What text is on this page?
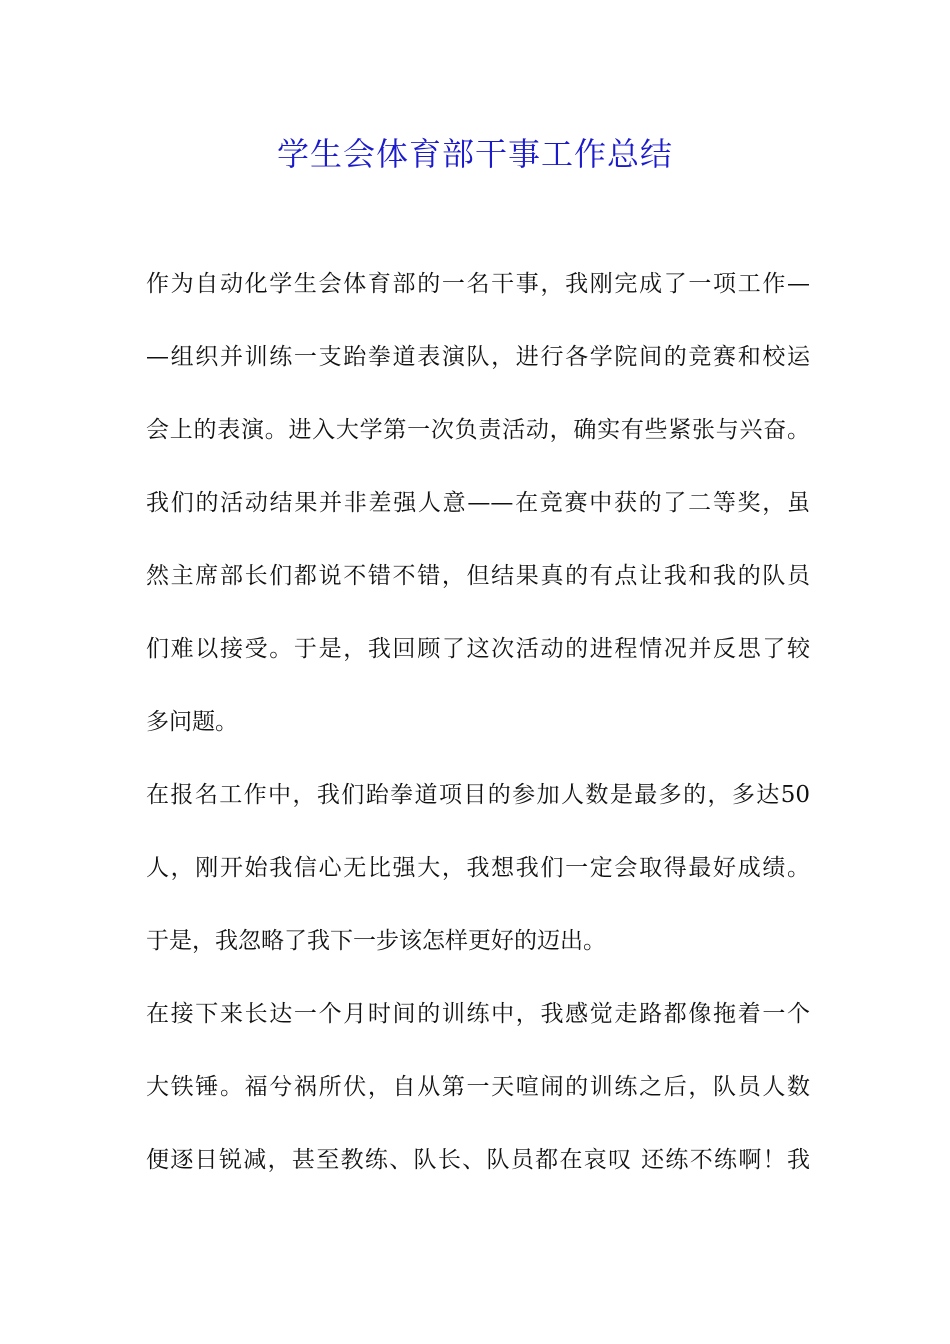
学生会体育部干事工作总结
作为自动化学生会体育部的一名干事，我刚完成了一项工作—
—组织并训练一支跆拳道表演队，进行各学院间的竞赛和校运
会上的表演。进入大学第一次负责活动，确实有些紧张与兴奋。
我们的活动结果并非差强人意——在竞赛中获的了二等奖，虽
然主席部长们都说不错不错，但结果真的有点让我和我的队员
们难以接受。于是，我回顾了这次活动的进程情况并反思了较
多问题。
在报名工作中，我们跆拳道项目的参加人数是最多的，多达50
人，刚开始我信心无比强大，我想我们一定会取得最好成绩。
于是，我忽略了我下一步该怎样更好的迈出。
在接下来长达一个月时间的训练中，我感觉走路都像拖着一个
大铁锤。福兮祸所伏，自从第一天喧闹的训练之后，队员人数
便逐日锐减，甚至教练、队长、队员都在哀叹 还练不练啊！我
